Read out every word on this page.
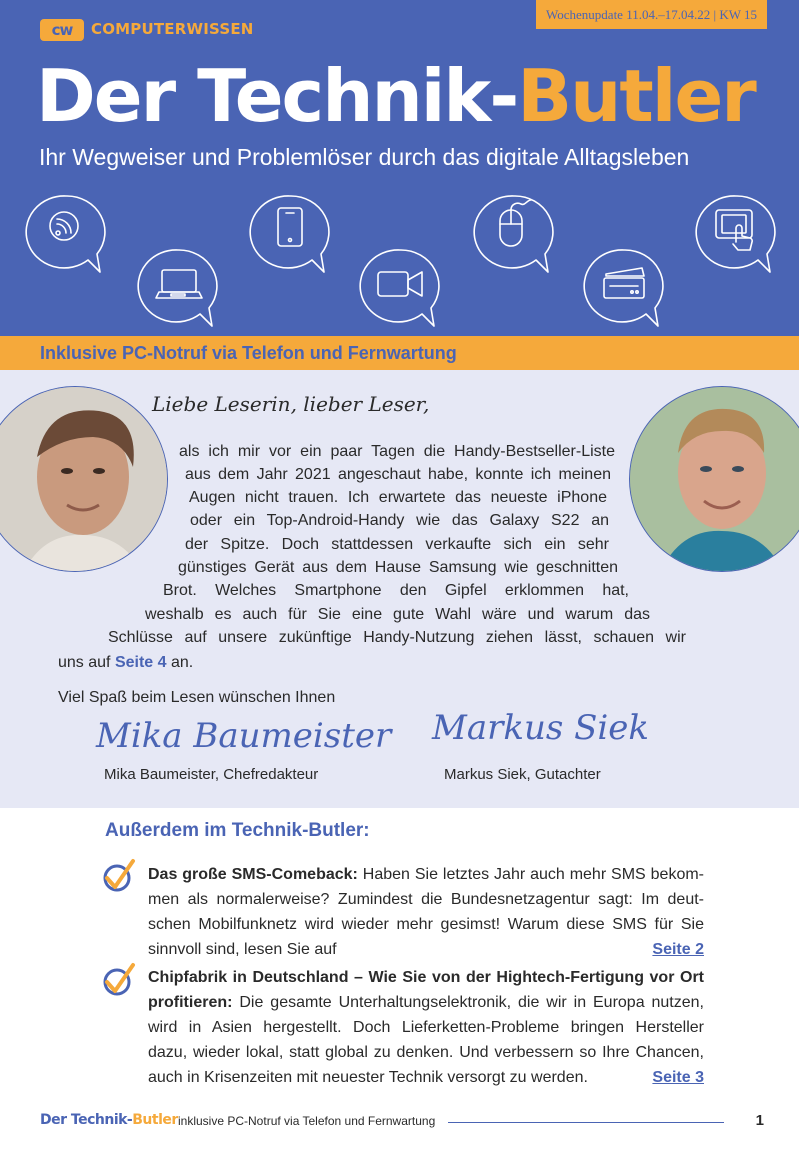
Wochenupdate 11.04.–17.04.22 | KW 15
cw	COMPUTERWISSEN
Der Technik-Butler
Ihr Wegweiser und Problemlöser durch das digitale Alltagsleben
Inklusive PC-Notruf via Telefon und Fernwartung
Liebe Leserin, lieber Leser,
als ich mir vor ein paar Tagen die Handy-Bestseller-Liste
aus dem Jahr 2021 angeschaut habe, konnte ich meinen
Augen nicht trauen. Ich erwartete das neueste iPhone
oder ein Top-Android-Handy wie das Galaxy S22 an
der Spitze. Doch stattdessen verkaufte sich ein sehr
günstiges Gerät aus dem Hause Samsung wie geschnitten
Brot. Welches Smartphone den Gipfel erklommen hat,
weshalb es auch für Sie eine gute Wahl wäre und warum das
Schlüsse auf unsere zukünftige Handy-Nutzung ziehen lässt, schauen wir
uns auf Seite 4 an.
Viel Spaß beim Lesen wünschen Ihnen
Mika Baumeister Markus Siek
Mika Baumeister, Chefredakteur	Markus Siek, Gutachter
Außerdem im Technik-Butler:
Das große SMS-Comeback: Haben Sie letztes Jahr auch mehr SMS bekom-
men als normalerweise? Zumindest die Bundesnetzagentur sagt: Im deut-
schen Mobilfunknetz wird wieder mehr gesimst! Warum diese SMS für Sie
sinnvoll sind, lesen Sie auf	Seite 2
Chipfabrik in Deutschland – Wie Sie von der Hightech-Fertigung vor Ort
profitieren: Die gesamte Unterhaltungselektronik, die wir in Europa nutzen,
wird in Asien hergestellt. Doch Lieferketten-Probleme bringen Hersteller
dazu, wieder lokal, statt global zu denken. Und verbessern so Ihre Chancen,
auch in Krisenzeiten mit neuester Technik versorgt zu werden.	Seite 3
Der Technik-Butler inklusive PC-Notruf via Telefon und Fernwartung	1
